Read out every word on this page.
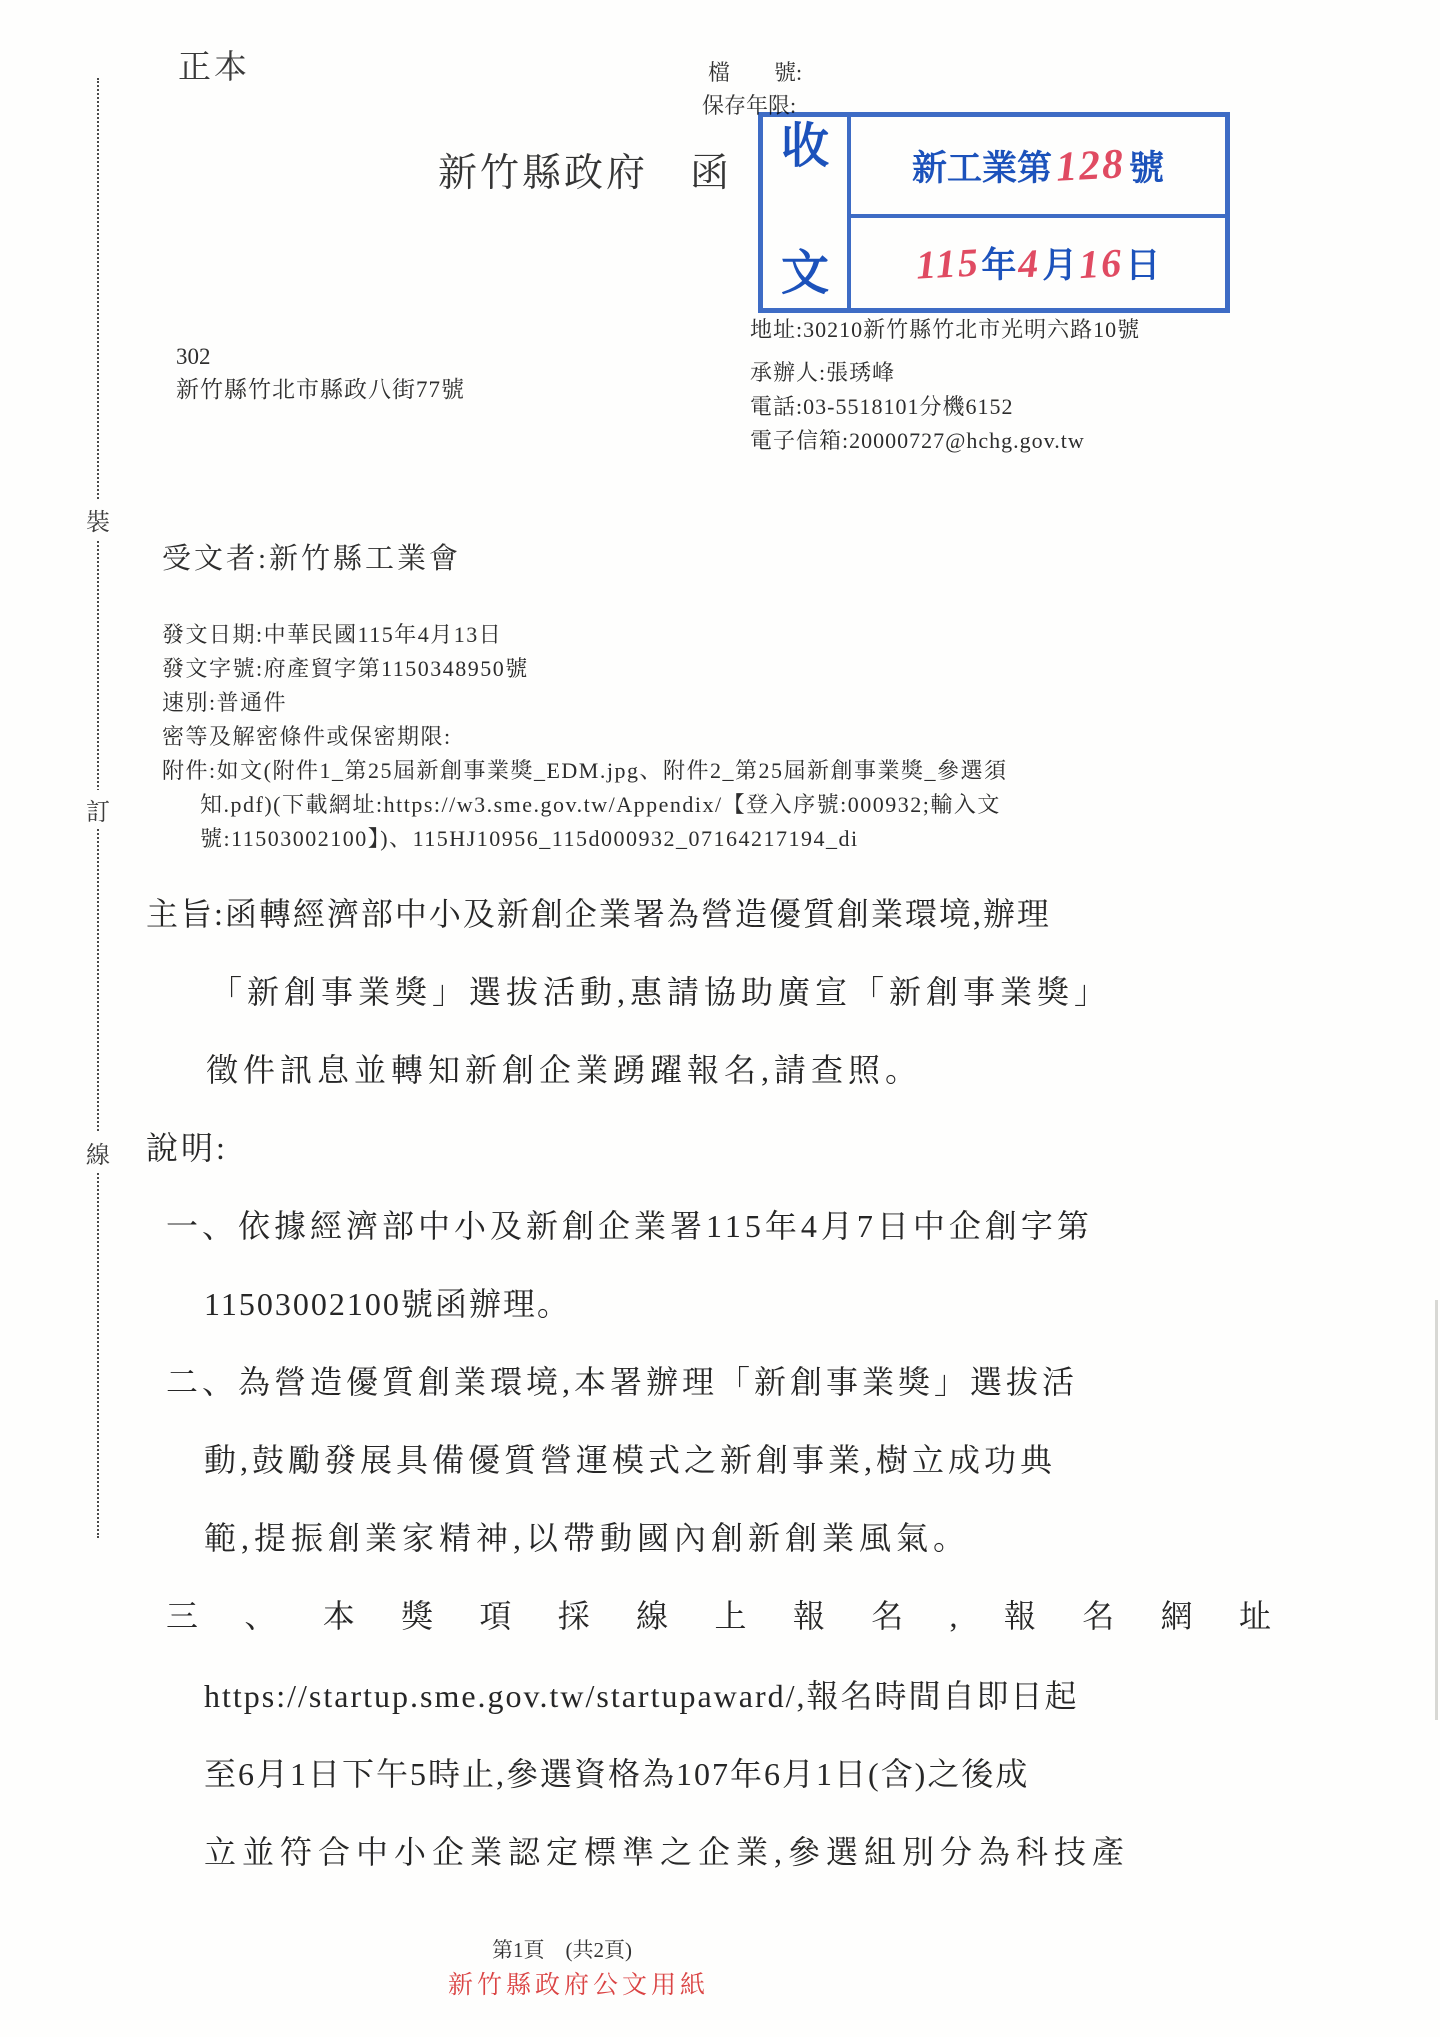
裝
訂
線
正本	檔　　號:
保存年限:
新竹縣政府　函
收
文
新工業第 128 號
115 年 4 月 16 日
302
新竹縣竹北市縣政八街77號
地址:30210新竹縣竹北市光明六路10號
承辦人:張琇峰
電話:03-5518101分機6152
電子信箱:20000727@hchg.gov.tw
受文者:新竹縣工業會
發文日期:中華民國115年4月13日
發文字號:府產貿字第1150348950號
速別:普通件
密等及解密條件或保密期限:
附件:如文(附件1_第25屆新創事業獎_EDM.jpg、附件2_第25屆新創事業獎_參選須
知.pdf)(下載網址:https://w3.sme.gov.tw/Appendix/【登入序號:000932;輸入文
號:11503002100】)、115HJ10956_115d000932_07164217194_di
主旨:函轉經濟部中小及新創企業署為營造優質創業環境,辦理
「新創事業獎」選拔活動,惠請協助廣宣「新創事業獎」
徵件訊息並轉知新創企業踴躍報名,請查照。
說明:
一、依據經濟部中小及新創企業署115年4月7日中企創字第
11503002100號函辦理。
二、為營造優質創業環境,本署辦理「新創事業獎」選拔活
動,鼓勵發展具備優質營運模式之新創事業,樹立成功典
範,提振創業家精神,以帶動國內創新創業風氣。
三、本獎項採線上報名,報名網址
https://startup.sme.gov.tw/startupaward/,報名時間自即日起
至6月1日下午5時止,參選資格為107年6月1日(含)之後成
立並符合中小企業認定標準之企業,參選組別分為科技產
第1頁　(共2頁)
新竹縣政府公文用紙
